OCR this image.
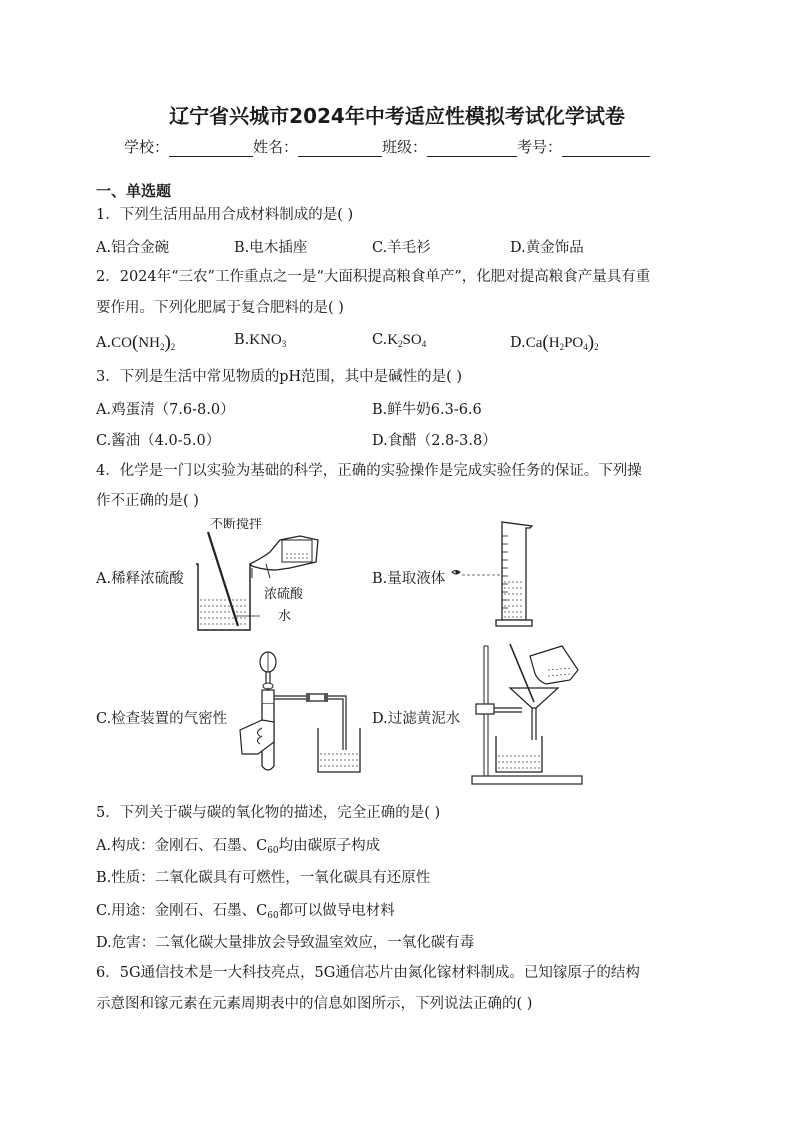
辽宁省兴城市2024年中考适应性模拟考试化学试卷
学校：	姓名：	班级：	考号：
一、单选题
1．下列生活用品用合成材料制成的是( )
A.铝合金碗	B.电木插座	C.羊毛衫	D.黄金饰品
2．2024年“三农”工作重点之一是“大面积提高粮食单产”，化肥对提高粮食产量具有重
要作用。下列化肥属于复合肥料的是( )
$A.CO(NH_2)_2$	$B.KNO_3$	$C.K_2SO_4$	$D.Ca(H_2PO_4)_2$
3．下列是生活中常见物质的pH范围，其中是碱性的是( )
A.鸡蛋清（7.6-8.0）	B.鲜牛奶6.3-6.6
C.酱油（4.0-5.0）	D.食醋（2.8-3.8）
4．化学是一门以实验为基础的科学，正确的实验操作是完成实验任务的保证。下列操
作不正确的是( )
A.稀释浓硫酸	B.量取液体
C.检查装置的气密性	D.过滤黄泥水
不断搅拌
浓硫酸
水
5．下列关于碳与碳的氧化物的描述，完全正确的是( )
A.构成：金刚石、石墨、$C_{60}$均由碳原子构成
B.性质：二氧化碳具有可燃性，一氧化碳具有还原性
C.用途：金刚石、石墨、$C_{60}$都可以做导电材料
D.危害：二氧化碳大量排放会导致温室效应，一氧化碳有毒
6．5G通信技术是一大科技亮点，5G通信芯片由氮化镓材料制成。已知镓原子的结构
示意图和镓元素在元素周期表中的信息如图所示，下列说法正确的( )
